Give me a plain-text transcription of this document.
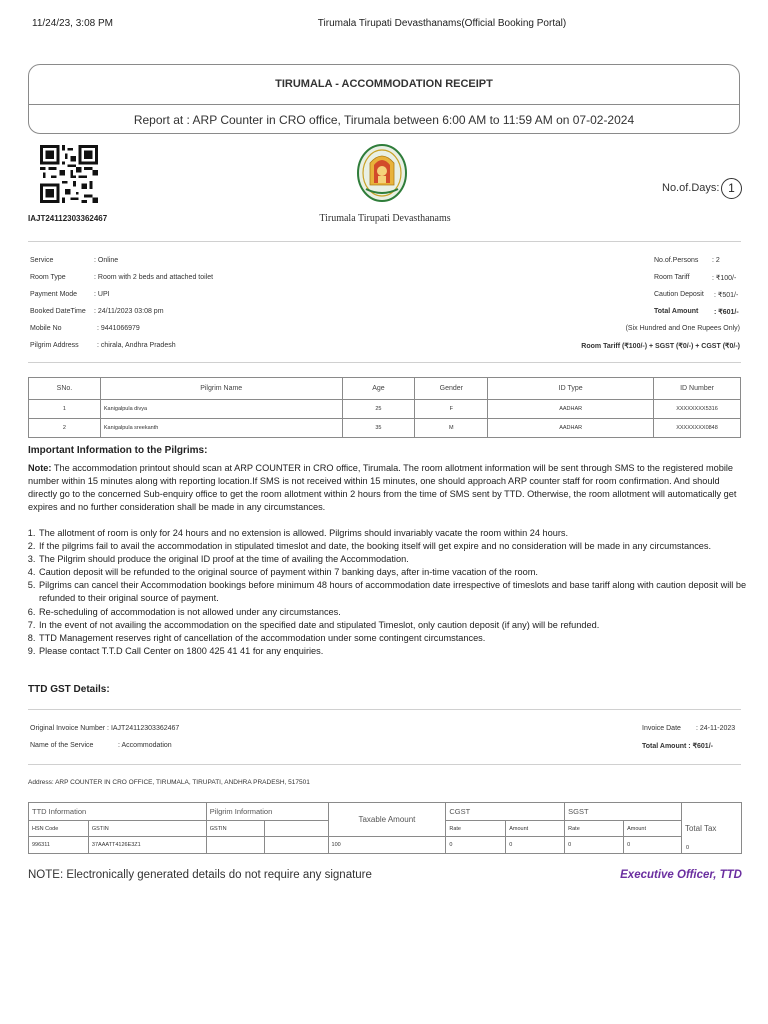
11/24/23, 3:08 PM	Tirumala Tirupati Devasthanams(Official Booking Portal)
TIRUMALA - ACCOMMODATION RECEIPT
Report at : ARP Counter in CRO office, Tirumala between 6:00 AM to 11:59 AM on 07-02-2024
IAJT24112303362467	Tirumala Tirupati Devasthanams
No.of.Days: 1
Service	: Online
Room Type	: Room with 2 beds and attached toilet
Payment Mode : UPI
Booked DateTime : 24/11/2023 03:08 pm
Mobile No	: 9441066979
Pilgrim Address	: chirala, Andhra Pradesh
No.of.Persons : 2
Room Tariff	: ₹100/-
Caution Deposit : ₹501/-
Total Amount : ₹601/-
(Six Hundred and One Rupees Only)
Room Tariff (₹100/-) + SGST (₹0/-) + CGST (₹0/-)
SNo.	Pilgrim Name	Age	Gender	ID Type	ID Number
1	Kanigalpula divya	25	F	AADHAR	XXXXXXXX5316
2	Kanigalpula sreekanth	35	M	AADHAR	XXXXXXXX0848
Important Information to the Pilgrims:
Note: The accommodation printout should scan at ARP COUNTER in CRO office, Tirumala. The room allotment information will be sent through SMS to the registered mobile number within 15 minutes along with reporting location.If SMS is not received within 15 minutes, one should approach ARP counter staff for room confirmation. And should directly go to the concerned Sub-enquiry office to get the room allotment within 2 hours from the time of SMS sent by TTD. Otherwise, the room allotment will automatically get expires and no further consideration shall be made in any circumstances.
1. The allotment of room is only for 24 hours and no extension is allowed. Pilgrims should invariably vacate the room within 24 hours.
2. If the pilgrims fail to avail the accommodation in stipulated timeslot and date, the booking itself will get expire and no consideration will be made in any circumstances.
3. The Pilgrim should produce the original ID proof at the time of availing the Accommodation.
4. Caution deposit will be refunded to the original source of payment within 7 banking days, after in-time vacation of the room.
5. Pilgrims can cancel their Accommodation bookings before minimum 48 hours of accommodation date irrespective of timeslots and base tariff along with caution deposit will be refunded to their original source of payment.
6. Re-scheduling of accommodation is not allowed under any circumstances.
7. In the event of not availing the accommodation on the specified date and stipulated Timeslot, only caution deposit (if any) will be refunded.
8. TTD Management reserves right of cancellation of the accommodation under some contingent circumstances.
9. Please contact T.T.D Call Center on 1800 425 41 41 for any enquiries.
TTD GST Details:
Original Invoice Number : IAJT24112303362467
Name of the Service	: Accommodation
Invoice Date : 24-11-2023
Total Amount : ₹601/-
Address: ARP COUNTER IN CRO OFFICE, TIRUMALA, TIRUPATI, ANDHRA PRADESH, 517501
TTD Information		Pilgrim Information		Taxable Amount	CGST		SGST		Total Tax
HSN Code	GSTIN	GSTIN			Rate	Amount	Rate	Amount	
996311	37AAATT4126E3Z1			100	0	0	0	0		0
NOTE: Electronically generated details do not require any signature	Executive Officer, TTD
